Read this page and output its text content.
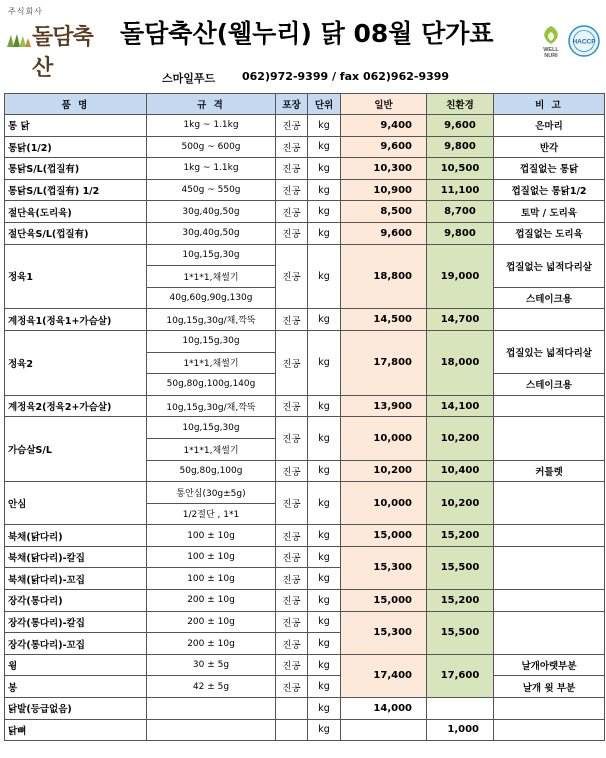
주식회사
돌담축산
돌담축산(웰누리) 닭 08월 단가표
WELL
NURI
HACCP
스마일푸드 062)972-9399 / fax 062)962-9399
품 명	규 격	포장	단위	일반	친환경	비 고
통 닭	1kg ~ 1.1kg	진공	kg	9,400	9,600	은마리
통닭(1/2)	500g ~ 600g	진공	kg	9,600	9,800	반각
통닭S/L(껍질有)	1kg ~ 1.1kg	진공	kg	10,300	10,500	껍질없는 통닭
통닭S/L(껍질有) 1/2	450g ~ 550g	진공	kg	10,900	11,100	껍질없는 통닭1/2
절단육(도리육)	30g,40g,50g	진공	kg	8,500	8,700	토막 / 도리육
절단육S/L(껍질有)	30g,40g,50g	진공	kg	9,600	9,800	껍질없는 도리육
정육1	10g,15g,30g	진공	kg	18,800	19,000	껍질없는 넓적다리살
	1*1*1,채썰기					
	40g,60g,90g,130g					스테이크용
계정육1(정육1+가슴살)	10g,15g,30g/채,깍뚝	진공	kg	14,500	14,700	
정육2	10g,15g,30g	진공	kg	17,800	18,000	껍질있는 넓적다리살
	1*1*1,채썰기					
	50g,80g,100g,140g					스테이크용
계정육2(정육2+가슴살)	10g,15g,30g/채,깍뚝	진공	kg	13,900	14,100	
가슴살S/L	10g,15g,30g	진공	kg	10,000	10,200	
	1*1*1,채썰기					
	50g,80g,100g	진공	kg	10,200	10,400	커틀렛
안심	통안심(30g±5g)	진공	kg	10,000	10,200	
	1/2절단 , 1*1					
북채(닭다리)	100 ± 10g	진공	kg	15,000	15,200	
북채(닭다리)-칼집	100 ± 10g	진공	kg	15,300	15,500	
북채(닭다리)-꼬집	100 ± 10g	진공	kg			
장각(통다리)	200 ± 10g	진공	kg	15,000	15,200	
장각(통다리)-칼집	200 ± 10g	진공	kg	15,300	15,500	
장각(통다리)-꼬집	200 ± 10g	진공	kg			
윙	30 ± 5g	진공	kg	17,400	17,600	날개아랫부분
봉	42 ± 5g	진공	kg			날개 윗 부분
닭발(등급없음)			kg	14,000		
닭뼈			kg		1,000	
